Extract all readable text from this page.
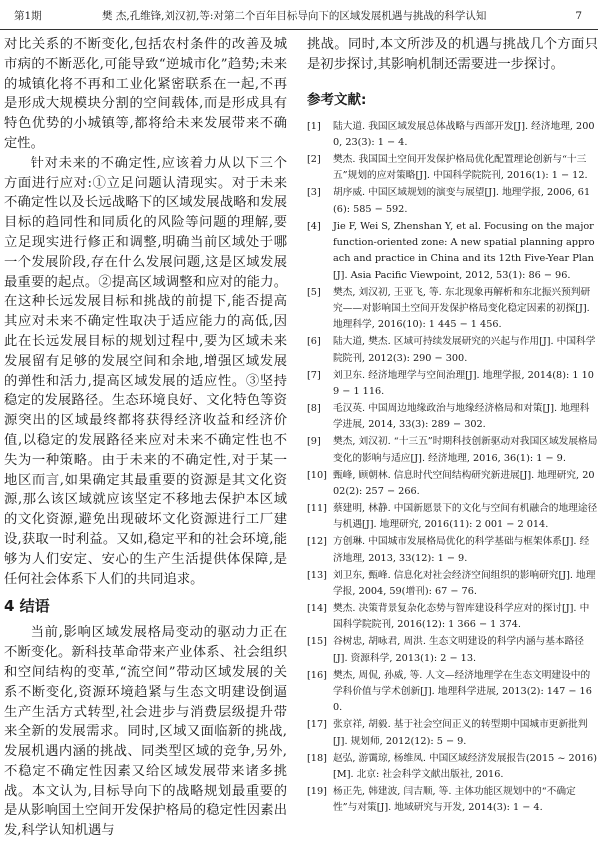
第1期	樊 杰,孔维锋,刘汉初,等:对第二个百年目标导向下的区域发展机遇与挑战的科学认知	7

对比关系的不断变化,包括农村条件的改善及城市病的不断恶化,可能导致“逆城市化”趋势;未来的城镇化将不再和工业化紧密联系在一起,不再是形成大规模块分割的空间载体,而是形成具有特色优势的小城镇等,都将给未来发展带来不确定性。

针对未来的不确定性,应该着力从以下三个方面进行应对:①立足问题认清现实。对于未来不确定性以及长远战略下的区域发展战略和发展目标的趋同性和同质化的风险等问题的理解,要立足现实进行修正和调整,明确当前区域处于哪一个发展阶段,存在什么发展问题,这是区域发展最重要的起点。②提高区域调整和应对的能力。在这种长远发展目标和挑战的前提下,能否提高其应对未来不确定性取决于适应能力的高低,因此在长远发展目标的规划过程中,要为区域未来发展留有足够的发展空间和余地,增强区域发展的弹性和活力,提高区域发展的适应性。③坚持稳定的发展路径。生态环境良好、文化特色等资源突出的区域最终都将获得经济收益和经济价值,以稳定的发展路径来应对未来不确定性也不失为一种策略。由于未来的不确定性,对于某一地区而言,如果确定其最重要的资源是其文化资源,那么该区域就应该坚定不移地去保护本区域的文化资源,避免出现破坏文化资源进行工厂建设,获取一时利益。又如,稳定平和的社会环境,能够为人们安定、安心的生产生活提供体保障,是任何社会体系下人们的共同追求。

4 结语

当前,影响区域发展格局变动的驱动力正在不断变化。新科技革命带来产业体系、社会组织和空间结构的变革,“流空间”带动区域发展的关系不断变化,资源环境趋紧与生态文明建设倒逼生产生活方式转型,社会进步与消费层级提升带来全新的发展需求。同时,区域又面临新的挑战,发展机遇内涵的挑战、同类型区域的竞争,另外,不稳定不确定性因素又给区域发展带来诸多挑战。本文认为,目标导向下的战略规划最重要的是从影响国土空间开发保护格局的稳定性因素出发,科学认知机遇与

挑战。同时,本文所涉及的机遇与挑战几个方面只是初步探讨,其影响机制还需要进一步探讨。

参考文献:
[1] 陆大道. 我国区域发展总体战略与西部开发[J]. 经济地理, 2000, 23(3): 1 − 4.
[2] 樊杰. 我国国土空间开发保护格局优化配置理论创新与“十三五”规划的应对策略[J]. 中国科学院院刊, 2016(1): 1 − 12.
[3] 胡序威. 中国区域规划的演变与展望[J]. 地理学报, 2006, 61(6): 585 − 592.
[4] Jie F, Wei S, Zhenshan Y, et al. Focusing on the major function-oriented zone: A new spatial planning approach and practice in China and its 12th Five-Year Plan[J]. Asia Pacific Viewpoint, 2012, 53(1): 86 − 96.
[5] 樊杰, 刘汉初, 王亚飞, 等. 东北现象再解析和东北振兴预判研究——对影响国土空间开发保护格局变化稳定因素的初探[J]. 地理科学, 2016(10): 1 445 − 1 456.
[6] 陆大道, 樊杰. 区域可持续发展研究的兴起与作用[J]. 中国科学院院刊, 2012(3): 290 − 300.
[7] 刘卫东. 经济地理学与空间治理[J]. 地理学报, 2014(8): 1 109 − 1 116.
[8] 毛汉英. 中国周边地缘政治与地缘经济格局和对策[J]. 地理科学进展, 2014, 33(3): 289 − 302.
[9] 樊杰, 刘汉初. “十三五”时期科技创新驱动对我国区域发展格局变化的影响与适应[J]. 经济地理, 2016, 36(1): 1 − 9.
[10] 甄峰, 顾朝林. 信息时代空间结构研究新进展[J]. 地理研究, 2002(2): 257 − 266.
[11] 蔡建明, 林静. 中国新愿景下的文化与空间有机融合的地理途径与机遇[J]. 地理研究, 2016(11): 2 001 − 2 014.
[12] 方创琳. 中国城市发展格局优化的科学基础与框架体系[J]. 经济地理, 2013, 33(12): 1 − 9.
[13] 刘卫东, 甄峰. 信息化对社会经济空间组织的影响研究[J]. 地理学报, 2004, 59(增刊): 67 − 76.
[14] 樊杰. 决策背景复杂化态势与智库建设科学应对的探讨[J]. 中国科学院院刊, 2016(12): 1 366 − 1 374.
[15] 谷树忠, 胡咏君, 周洪. 生态文明建设的科学内涵与基本路径[J]. 资源科学, 2013(1): 2 − 13.
[16] 樊杰, 周侃, 孙威, 等. 人文—经济地理学在生态文明建设中的学科价值与学术创新[J]. 地理科学进展, 2013(2): 147 − 160.
[17] 张京祥, 胡毅. 基于社会空间正义的转型期中国城市更新批判[J]. 规划师, 2012(12): 5 − 9.
[18] 赵弘, 游霭琼, 杨维凤. 中国区域经济发展报告(2015 ~ 2016)[M]. 北京: 社会科学文献出版社, 2016.
[19] 杨正先, 韩建波, 闫吉顺, 等. 主体功能区规划中的“不确定性”与对策[J]. 地域研究与开发, 2014(3): 1 − 4.
